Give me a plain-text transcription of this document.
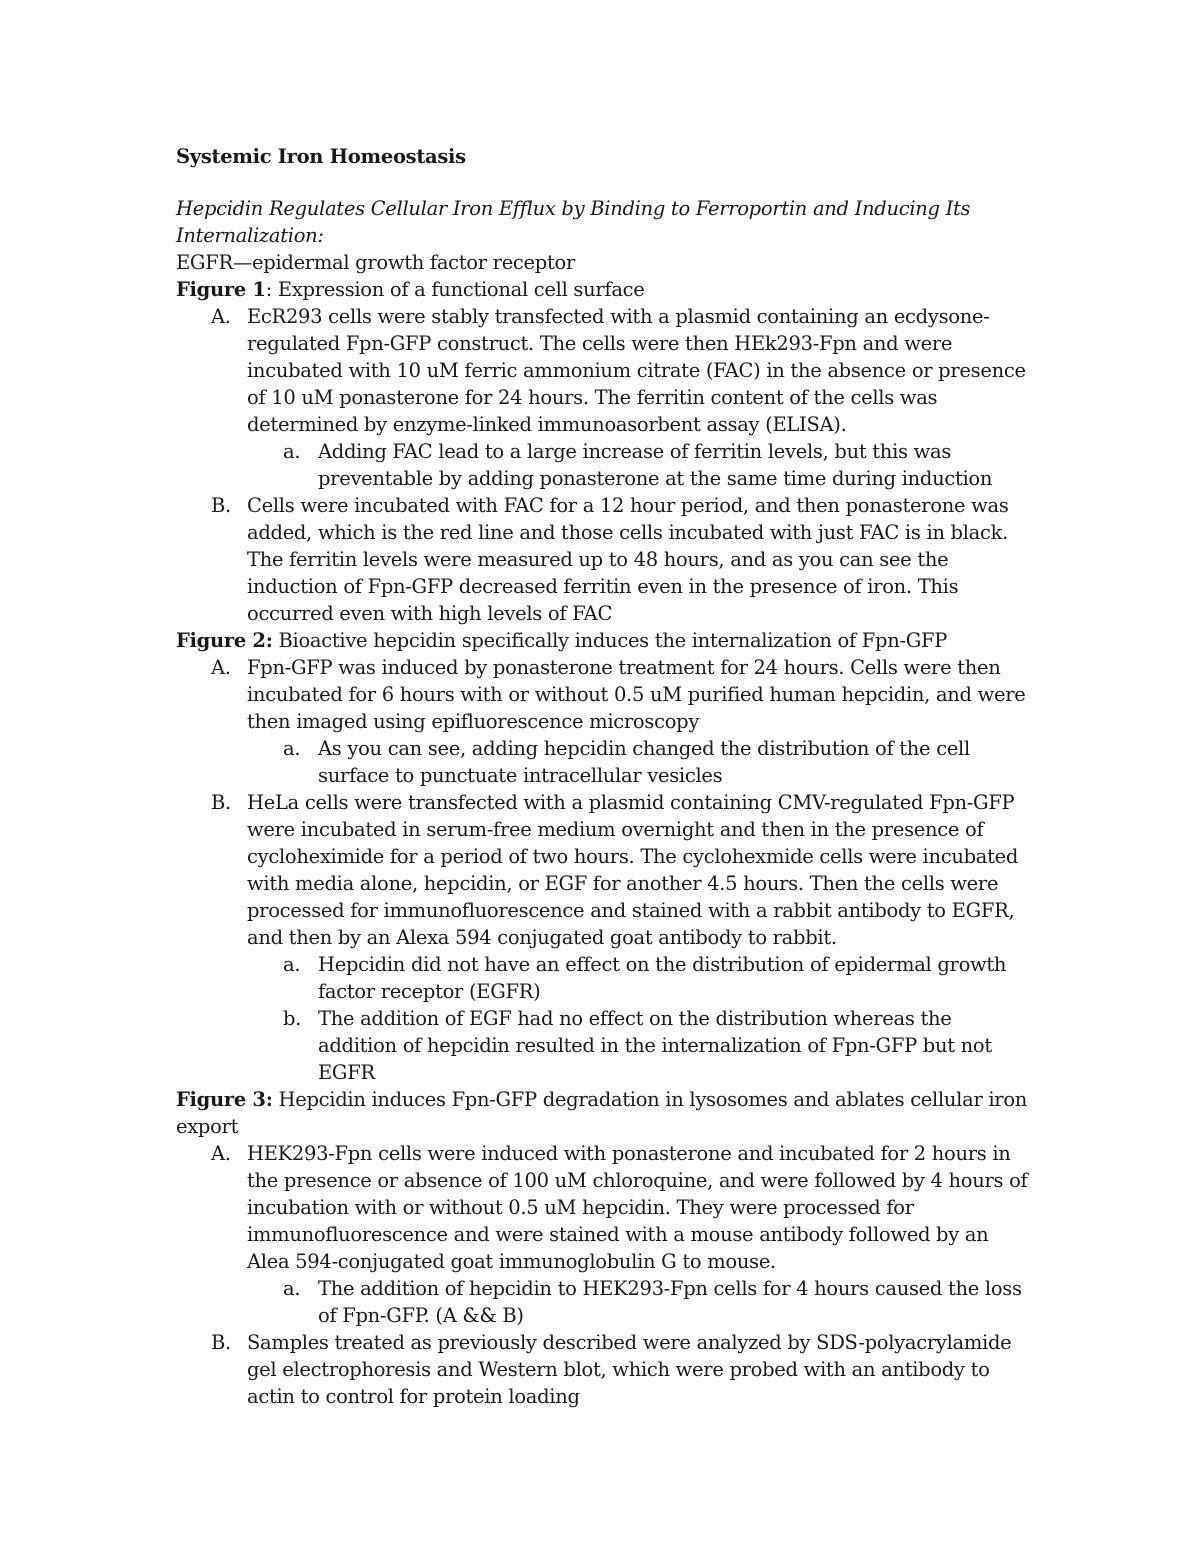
Systemic Iron Homeostasis

Hepcidin Regulates Cellular Iron Efflux by Binding to Ferroportin and Inducing Its Internalization:

EGFR—epidermal growth factor receptor

Figure 1: Expression of a functional cell surface

A. EcR293 cells were stably transfected with a plasmid containing an ecdysone-regulated Fpn-GFP construct. The cells were then HEk293-Fpn and were incubated with 10 uM ferric ammonium citrate (FAC) in the absence or presence of 10 uM ponasterone for 24 hours. The ferritin content of the cells was determined by enzyme-linked immunoasorbent assay (ELISA).
a. Adding FAC lead to a large increase of ferritin levels, but this was preventable by adding ponasterone at the same time during induction
B. Cells were incubated with FAC for a 12 hour period, and then ponasterone was added, which is the red line and those cells incubated with just FAC is in black. The ferritin levels were measured up to 48 hours, and as you can see the induction of Fpn-GFP decreased ferritin even in the presence of iron. This occurred even with high levels of FAC

Figure 2: Bioactive hepcidin specifically induces the internalization of Fpn-GFP

A. Fpn-GFP was induced by ponasterone treatment for 24 hours. Cells were then incubated for 6 hours with or without 0.5 uM purified human hepcidin, and were then imaged using epifluorescence microscopy
a. As you can see, adding hepcidin changed the distribution of the cell surface to punctuate intracellular vesicles
B. HeLa cells were transfected with a plasmid containing CMV-regulated Fpn-GFP were incubated in serum-free medium overnight and then in the presence of cycloheximide for a period of two hours. The cyclohexmide cells were incubated with media alone, hepcidin, or EGF for another 4.5 hours. Then the cells were processed for immunofluorescence and stained with a rabbit antibody to EGFR, and then by an Alexa 594 conjugated goat antibody to rabbit.
a. Hepcidin did not have an effect on the distribution of epidermal growth factor receptor (EGFR)
b. The addition of EGF had no effect on the distribution whereas the addition of hepcidin resulted in the internalization of Fpn-GFP but not EGFR

Figure 3: Hepcidin induces Fpn-GFP degradation in lysosomes and ablates cellular iron export

A. HEK293-Fpn cells were induced with ponasterone and incubated for 2 hours in the presence or absence of 100 uM chloroquine, and were followed by 4 hours of incubation with or without 0.5 uM hepcidin. They were processed for immunofluorescence and were stained with a mouse antibody followed by an Alea 594-conjugated goat immunoglobulin G to mouse.
a. The addition of hepcidin to HEK293-Fpn cells for 4 hours caused the loss of Fpn-GFP. (A && B)
B. Samples treated as previously described were analyzed by SDS-polyacrylamide gel electrophoresis and Western blot, which were probed with an antibody to actin to control for protein loading
